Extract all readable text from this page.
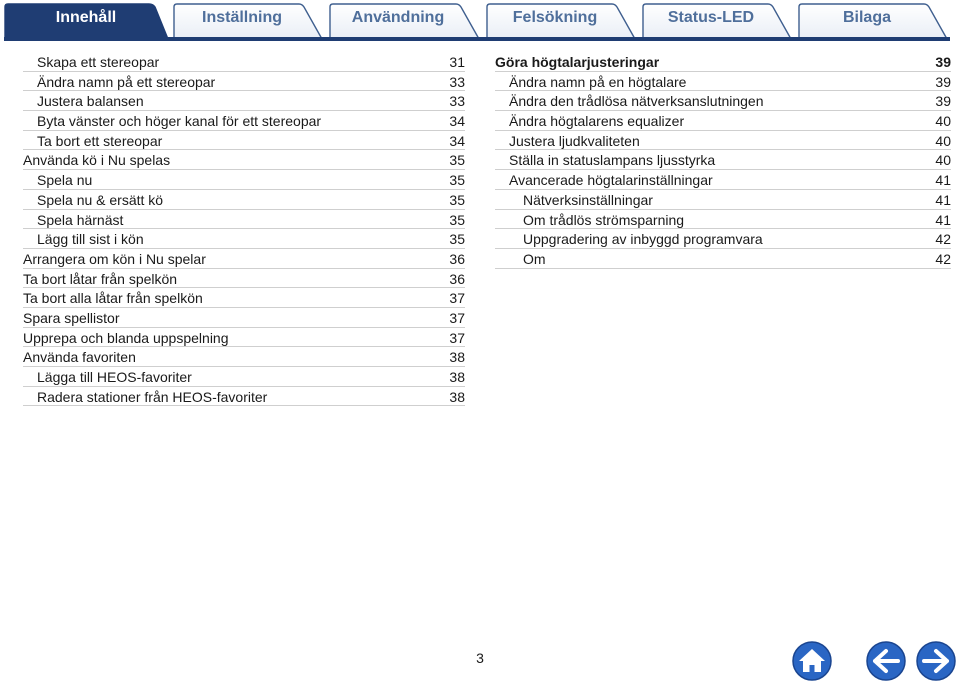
Innehåll	Inställning	Användning	Felsökning	Status-LED	Bilaga
Skapa ett stereopar	31
Ändra namn på ett stereopar	33
Justera balansen	33
Byta vänster och höger kanal för ett stereopar	34
Ta bort ett stereopar	34
Använda kö i Nu spelas	35
Spela nu	35
Spela nu & ersätt kö	35
Spela härnäst	35
Lägg till sist i kön	35
Arrangera om kön i Nu spelar	36
Ta bort låtar från spelkön	36
Ta bort alla låtar från spelkön	37
Spara spellistor	37
Upprepa och blanda uppspelning	37
Använda favoriten	38
Lägga till HEOS-favoriter	38
Radera stationer från HEOS-favoriter	38
Göra högtalarjusteringar	39
Ändra namn på en högtalare	39
Ändra den trådlösa nätverksanslutningen	39
Ändra högtalarens equalizer	40
Justera ljudkvaliteten	40
Ställa in statuslampans ljusstyrka	40
Avancerade högtalarinställningar	41
Nätverksinställningar	41
Om trådlös strömsparning	41
Uppgradering av inbyggd programvara	42
Om	42
3
